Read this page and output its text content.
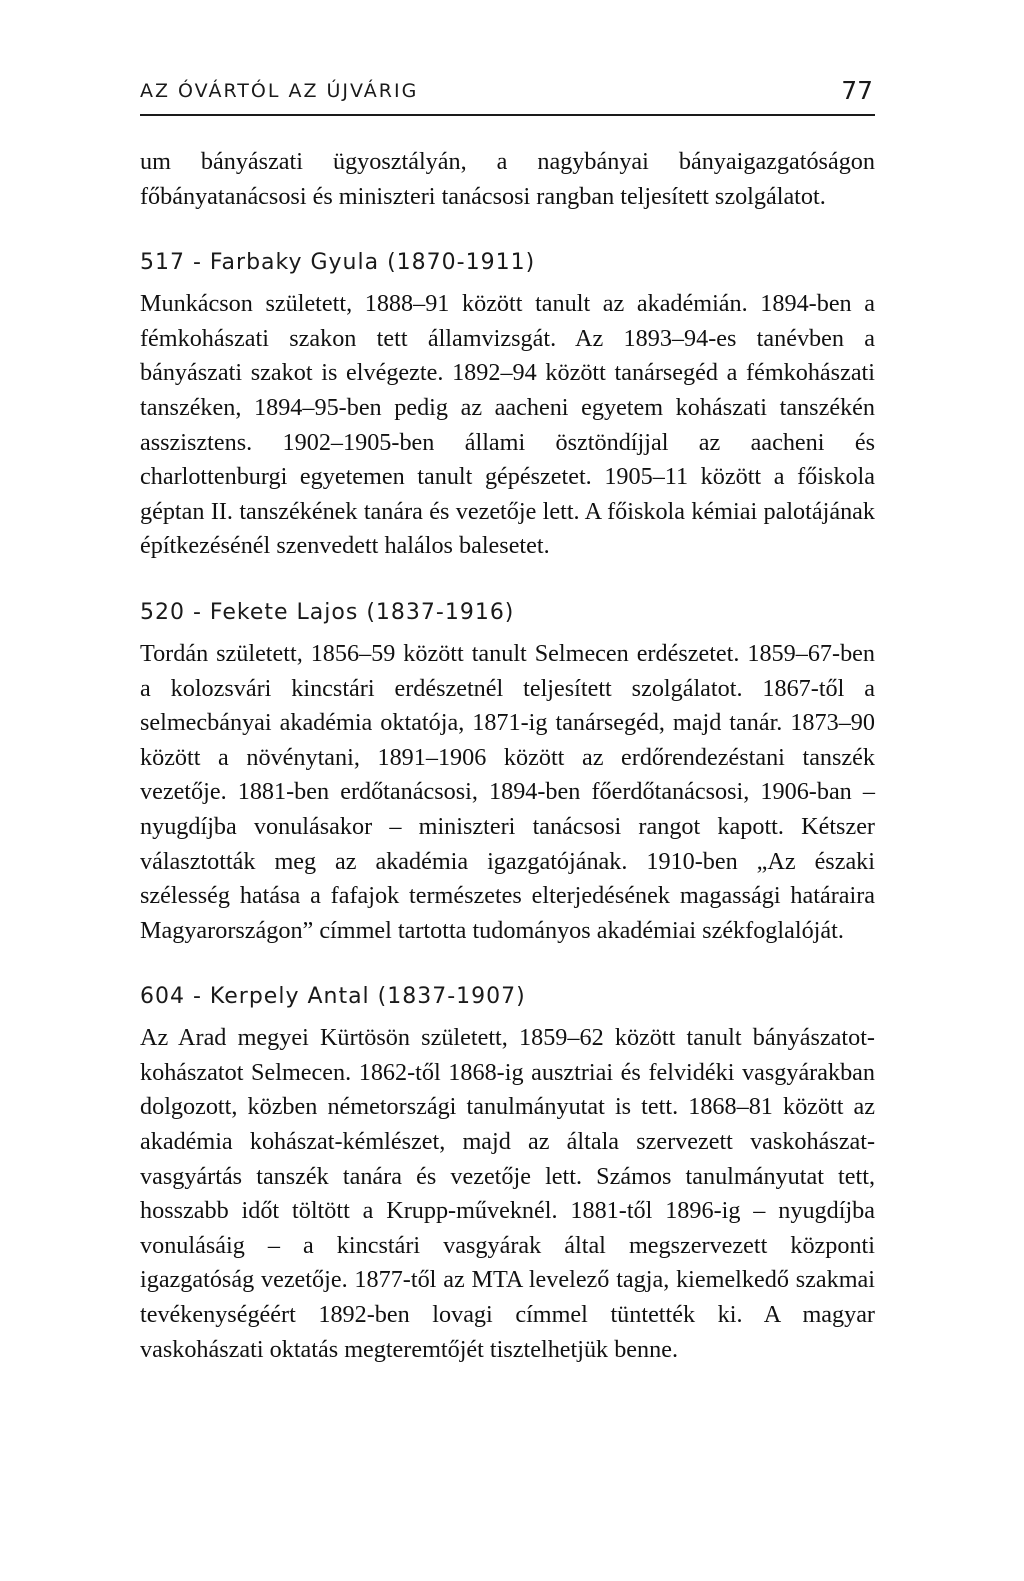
AZ ÓVÁRTÓL AZ ÚJVÁRIG	77

um bányászati ügyosztályán, a nagybányai bányaigazgatóságon főbányatanácsosi és miniszteri tanácsosi rangban teljesített szolgálatot.

517 - Farbaky Gyula (1870-1911)

Munkácson született, 1888–91 között tanult az akadémián. 1894-ben a fémkohászati szakon tett államvizsgát. Az 1893–94-es tanévben a bányászati szakot is elvégezte. 1892–94 között tanársegéd a fémkohászati tanszéken, 1894–95-ben pedig az aacheni egyetem kohászati tanszékén asszisztens. 1902–1905-ben állami ösztöndíjjal az aacheni és charlottenburgi egyetemen tanult gépészetet. 1905–11 között a főiskola géptan II. tanszékének tanára és vezetője lett. A főiskola kémiai palotájának építkezésénél szenvedett halálos balesetet.

520 - Fekete Lajos (1837-1916)

Tordán született, 1856–59 között tanult Selmecen erdészetet. 1859–67-ben a kolozsvári kincstári erdészetnél teljesített szolgálatot. 1867-től a selmecbányai akadémia oktatója, 1871-ig tanársegéd, majd tanár. 1873–90 között a növénytani, 1891–1906 között az erdőrendezéstani tanszék vezetője. 1881-ben erdőtanácsosi, 1894-ben főerdőtanácsosi, 1906-ban – nyugdíjba vonulásakor – miniszteri tanácsosi rangot kapott. Kétszer választották meg az akadémia igazgatójának. 1910-ben „Az északi szélesség hatása a fafajok természetes elterjedésének magassági határaira Magyarországon” címmel tartotta tudományos akadémiai székfoglalóját.

604 - Kerpely Antal (1837-1907)

Az Arad megyei Kürtösön született, 1859–62 között tanult bányászatot-kohászatot Selmecen. 1862-től 1868-ig ausztriai és felvidéki vasgyárakban dolgozott, közben németországi tanulmányutat is tett. 1868–81 között az akadémia kohászat-kémlészet, majd az általa szervezett vaskohászat-vasgyártás tanszék tanára és vezetője lett. Számos tanulmányutat tett, hosszabb időt töltött a Krupp-műveknél. 1881-től 1896-ig – nyugdíjba vonulásáig – a kincstári vasgyárak által megszervezett központi igazgatóság vezetője. 1877-től az MTA levelező tagja, kiemelkedő szakmai tevékenységéért 1892-ben lovagi címmel tüntették ki. A magyar vaskohászati oktatás megteremtőjét tisztelhetjük benne.
